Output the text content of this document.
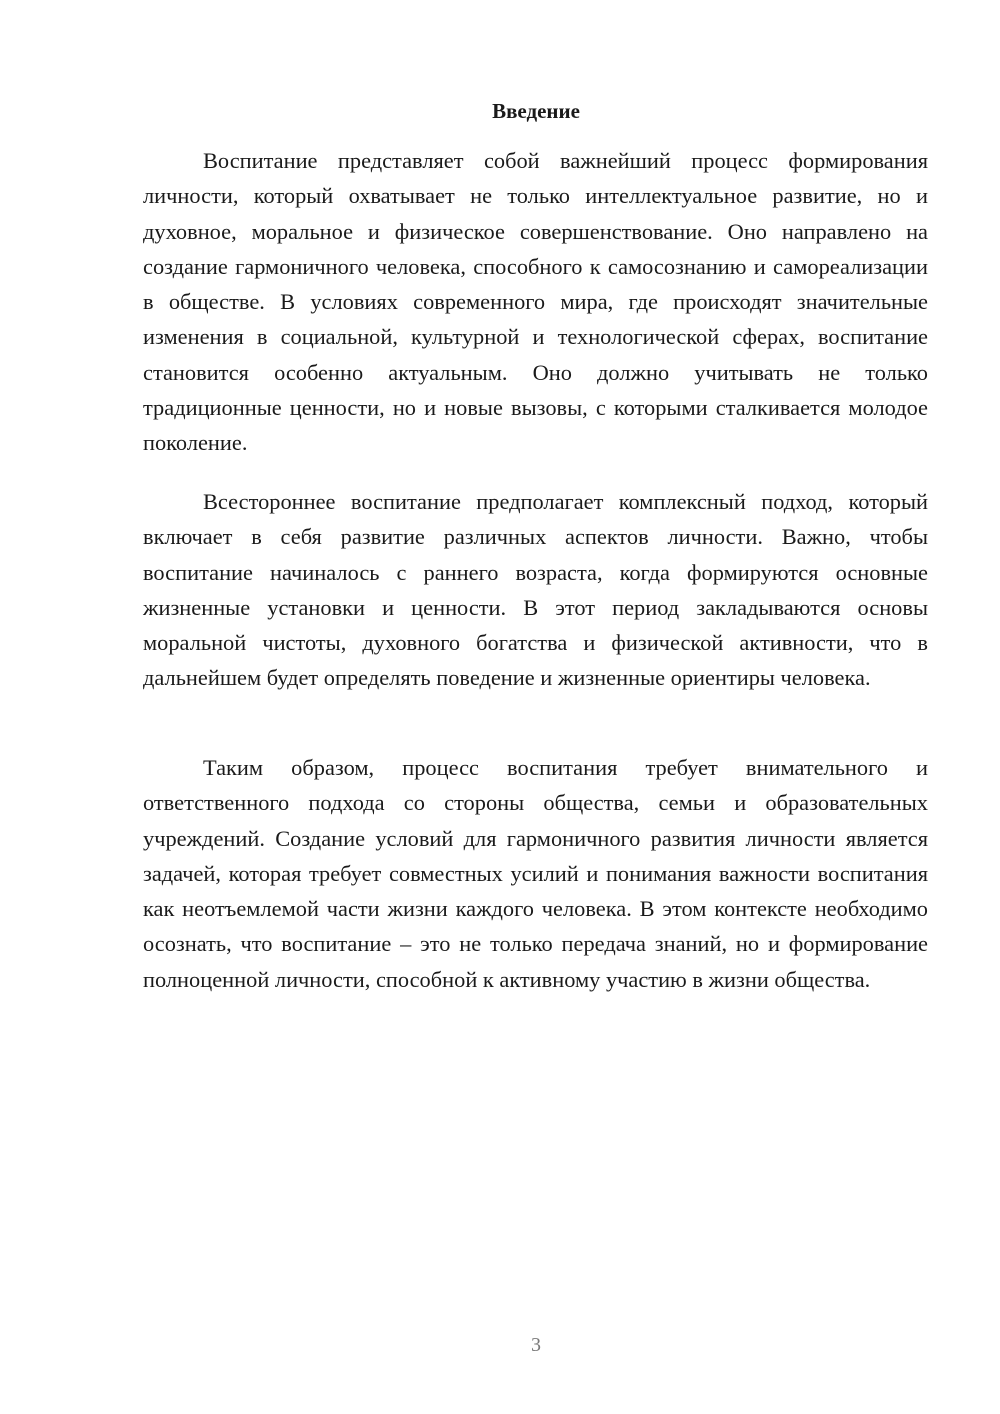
Введение

Воспитание представляет собой важнейший процесс формирования личности, который охватывает не только интеллектуальное развитие, но и духовное, моральное и физическое совершенствование. Оно направлено на создание гармоничного человека, способного к самосознанию и самореализации в обществе. В условиях современного мира, где происходят значительные изменения в социальной, культурной и технологической сферах, воспитание становится особенно актуальным. Оно должно учитывать не только традиционные ценности, но и новые вызовы, с которыми сталкивается молодое поколение.

Всестороннее воспитание предполагает комплексный подход, который включает в себя развитие различных аспектов личности. Важно, чтобы воспитание начиналось с раннего возраста, когда формируются основные жизненные установки и ценности. В этот период закладываются основы моральной чистоты, духовного богатства и физической активности, что в дальнейшем будет определять поведение и жизненные ориентиры человека.

Таким образом, процесс воспитания требует внимательного и ответственного подхода со стороны общества, семьи и образовательных учреждений. Создание условий для гармоничного развития личности является задачей, которая требует совместных усилий и понимания важности воспитания как неотъемлемой части жизни каждого человека. В этом контексте необходимо осознать, что воспитание – это не только передача знаний, но и формирование полноценной личности, способной к активному участию в жизни общества.

3
